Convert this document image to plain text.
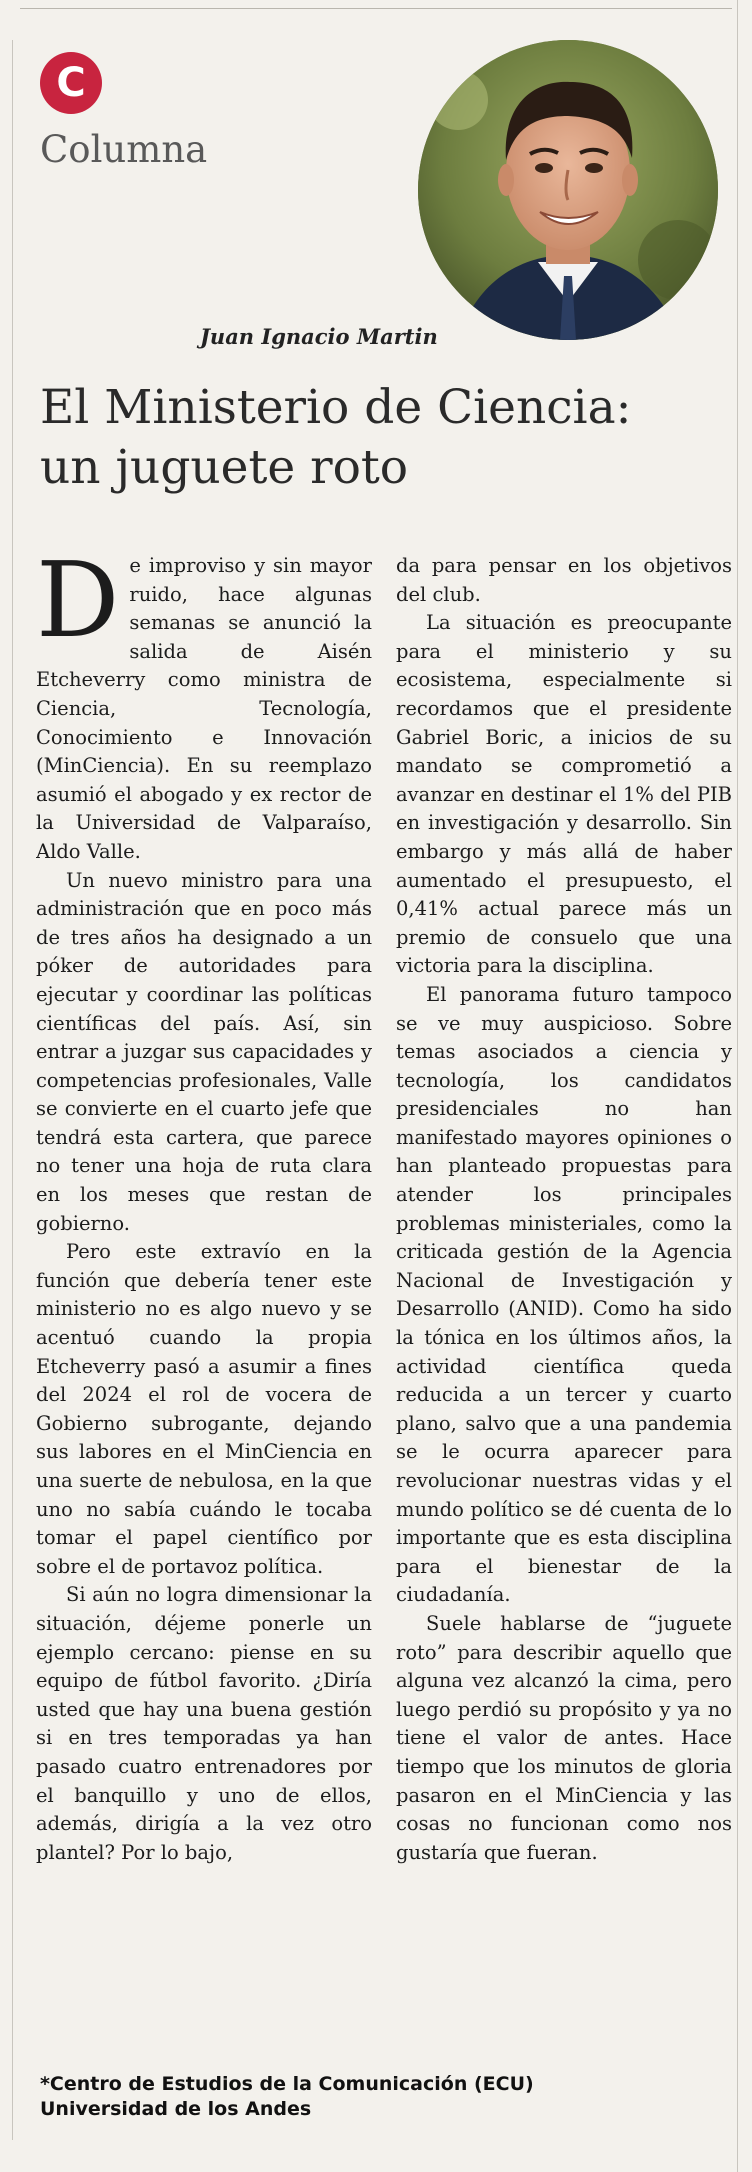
C
Columna
Juan Ignacio Martin
El Ministerio de Ciencia: un juguete roto

De improviso y sin mayor ruido, hace algunas semanas se anunció la salida de Aisén Etcheverry como ministra de Ciencia, Tecnología, Conocimiento e Innovación (MinCiencia). En su reemplazo asumió el abogado y ex rector de la Universidad de Valparaíso, Aldo Valle.

Un nuevo ministro para una administración que en poco más de tres años ha designado a un póker de autoridades para ejecutar y coordinar las políticas científicas del país. Así, sin entrar a juzgar sus capacidades y competencias profesionales, Valle se convierte en el cuarto jefe que tendrá esta cartera, que parece no tener una hoja de ruta clara en los meses que restan de gobierno.

Pero este extravío en la función que debería tener este ministerio no es algo nuevo y se acentuó cuando la propia Etcheverry pasó a asumir a fines del 2024 el rol de vocera de Gobierno subrogante, dejando sus labores en el MinCiencia en una suerte de nebulosa, en la que uno no sabía cuándo le tocaba tomar el papel científico por sobre el de portavoz política.

Si aún no logra dimensionar la situación, déjeme ponerle un ejemplo cercano: piense en su equipo de fútbol favorito. ¿Diría usted que hay una buena gestión si en tres temporadas ya han pasado cuatro entrenadores por el banquillo y uno de ellos, además, dirigía a la vez otro plantel? Por lo bajo,

da para pensar en los objetivos del club.

La situación es preocupante para el ministerio y su ecosistema, especialmente si recordamos que el presidente Gabriel Boric, a inicios de su mandato se comprometió a avanzar en destinar el 1% del PIB en investigación y desarrollo. Sin embargo y más allá de haber aumentado el presupuesto, el 0,41% actual parece más un premio de consuelo que una victoria para la disciplina.

El panorama futuro tampoco se ve muy auspicioso. Sobre temas asociados a ciencia y tecnología, los candidatos presidenciales no han manifestado mayores opiniones o han planteado propuestas para atender los principales problemas ministeriales, como la criticada gestión de la Agencia Nacional de Investigación y Desarrollo (ANID). Como ha sido la tónica en los últimos años, la actividad científica queda reducida a un tercer y cuarto plano, salvo que a una pandemia se le ocurra aparecer para revolucionar nuestras vidas y el mundo político se dé cuenta de lo importante que es esta disciplina para el bienestar de la ciudadanía.

Suele hablarse de “juguete roto” para describir aquello que alguna vez alcanzó la cima, pero luego perdió su propósito y ya no tiene el valor de antes. Hace tiempo que los minutos de gloria pasaron en el MinCiencia y las cosas no funcionan como nos gustaría que fueran.

*Centro de Estudios de la Comunicación (ECU)
Universidad de los Andes
